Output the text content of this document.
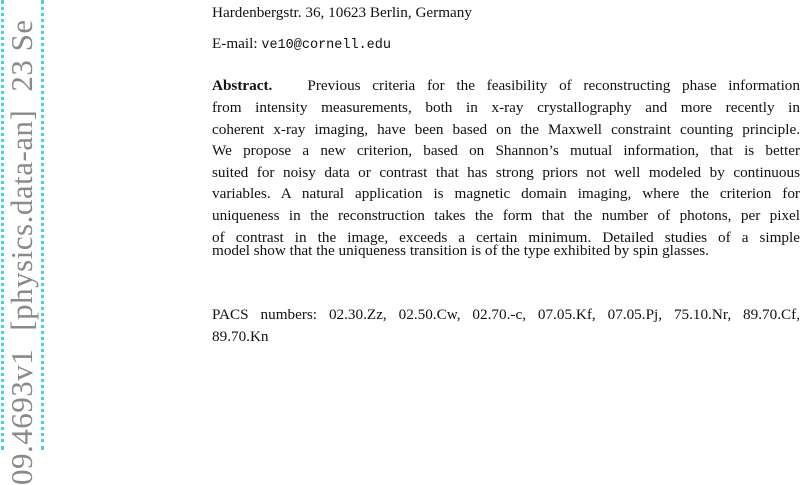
09.4693v1[physics.data-an]23 Se
Hardenbergstr. 36, 10623 Berlin, Germany
E-mail: ve10@cornell.edu
Abstract. Previous criteria for the feasibility of reconstructing phase information
from intensity measurements, both in x-ray crystallography and more recently in
coherent x-ray imaging, have been based on the Maxwell constraint counting principle.
We propose a new criterion, based on Shannon’s mutual information, that is better
suited for noisy data or contrast that has strong priors not well modeled by continuous
variables. A natural application is magnetic domain imaging, where the criterion for
uniqueness in the reconstruction takes the form that the number of photons, per pixel
of contrast in the image, exceeds a certain minimum. Detailed studies of a simple
model show that the uniqueness transition is of the type exhibited by spin glasses.
PACS numbers: 02.30.Zz, 02.50.Cw, 02.70.-c, 07.05.Kf, 07.05.Pj, 75.10.Nr, 89.70.Cf,
89.70.Kn
